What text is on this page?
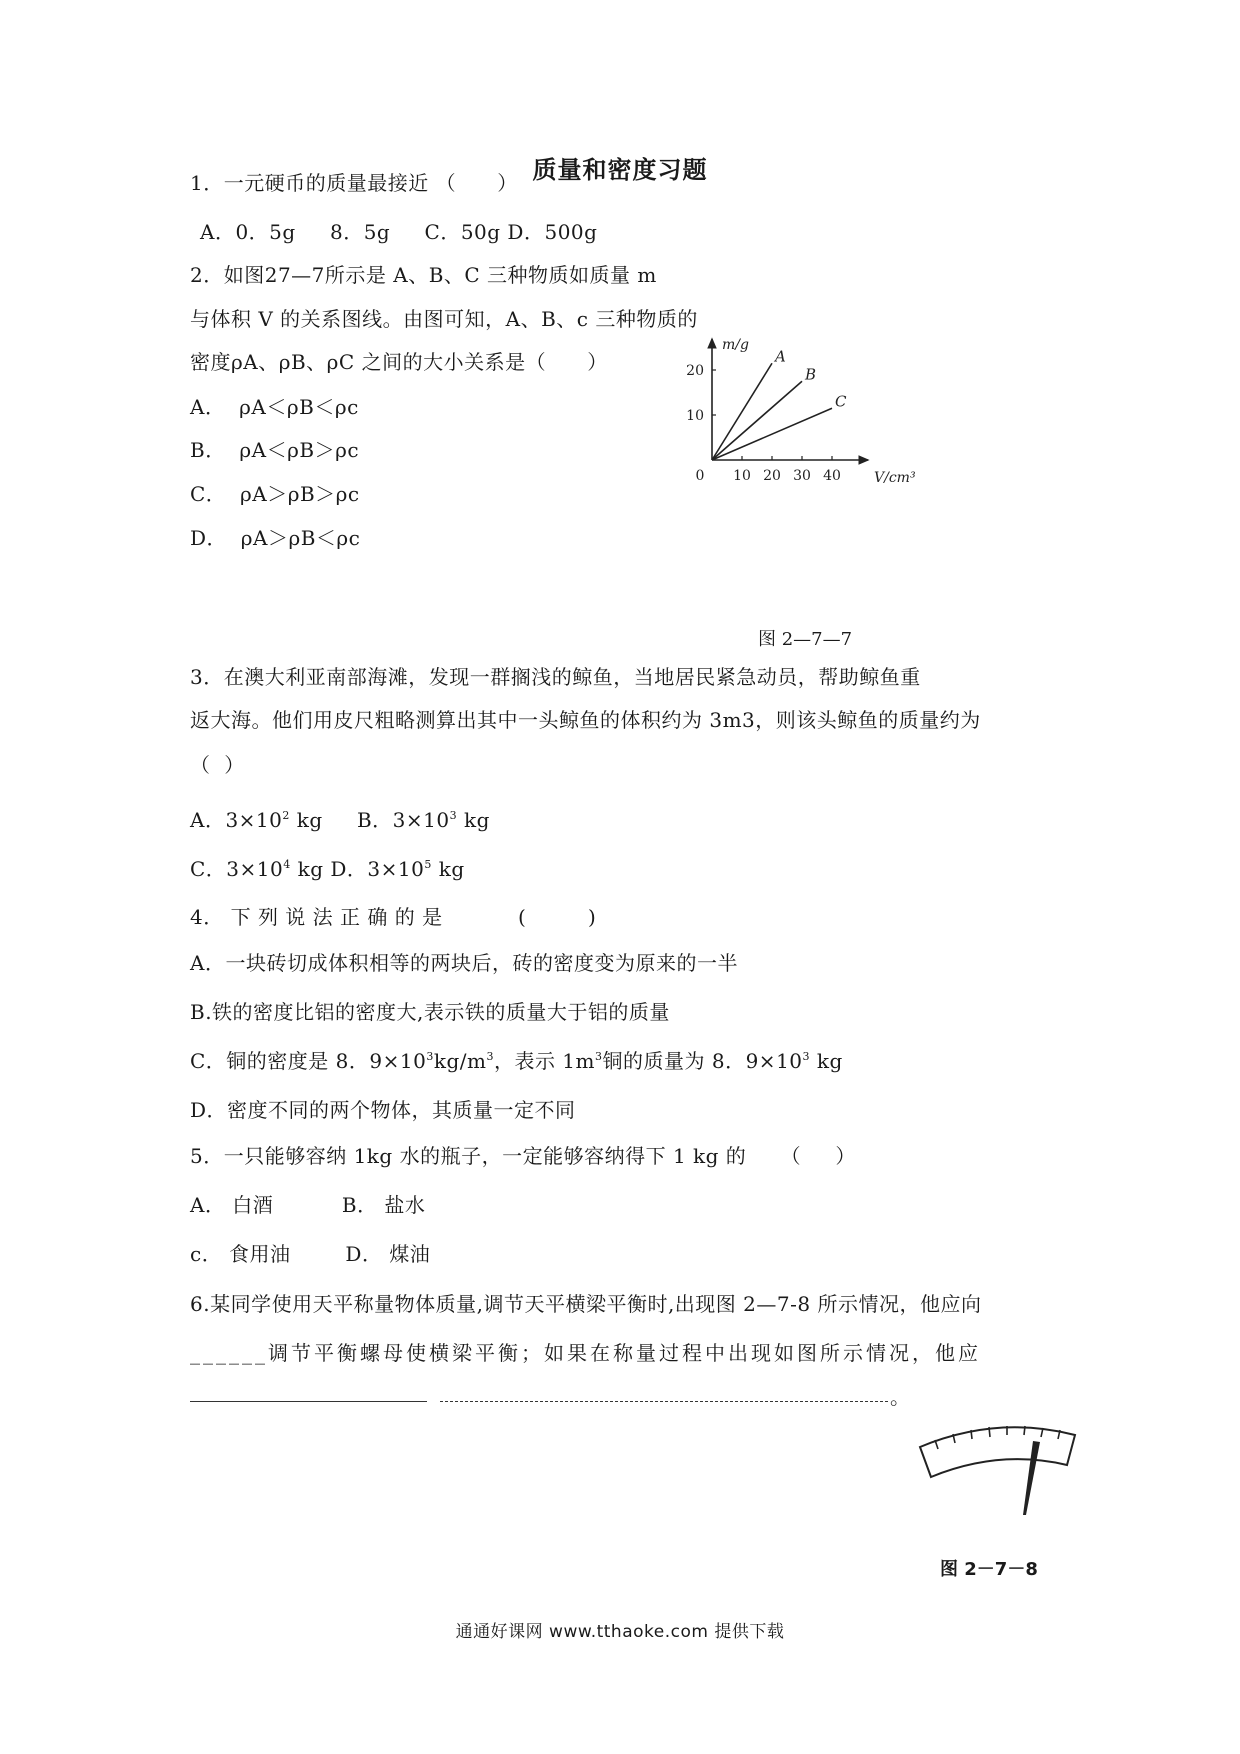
质量和密度习题
1．一元硬币的质量最接近 （      ）
A．0．5g     8．5g     C．50g D．500g
2．如图27—7所示是 A、B、C 三种物质如质量 m
与体积 V 的关系图线。由图可知，A、B、c 三种物质的
密度ρA、ρB、ρC 之间的大小关系是（      ）
A．  ρA＜ρB＜ρc
B．  ρA＜ρB＞ρc
C．  ρA＞ρB＞ρc
D．  ρA＞ρB＜ρc
0 10 20 30 40
10
20
m/g
V/cm³
A
B
C
图 2—7—7
3．在澳大利亚南部海滩，发现一群搁浅的鲸鱼，当地居民紧急动员，帮助鲸鱼重
返大海。他们用皮尺粗略测算出其中一头鲸鱼的体积约为 3m3，则该头鲸鱼的质量约为
（  ）
A．$3\times 10^2$ kg     B．$3\times 10^3$ kg
C．$3\times 10^4$ kg D．$3\times 10^5$ kg
4． 下 列 说 法 正 确 的 是           (         )
A．一块砖切成体积相等的两块后，砖的密度变为原来的一半
B.铁的密度比铝的密度大,表示铁的质量大于铝的质量
C．铜的密度是 8．$9\times 10^3kg/m^3$，表示 $1m^3$铜的质量为 8．$9\times 10^3$ kg
D．密度不同的两个物体，其质量一定不同
5．一只能够容纳 1kg 水的瓶子，一定能够容纳得下 1 kg 的     （     ）
A． 白酒          B． 盐水
c． 食用油        D． 煤油
6.某同学使用天平称量物体质量,调节天平横梁平衡时,出现图 2—7-8 所示情况，他应向
______调节平衡螺母使横梁平衡；如果在称量过程中出现如图所示情况，他应
。
图 2－7－8
通通好课网 www.tthaoke.com 提供下载
